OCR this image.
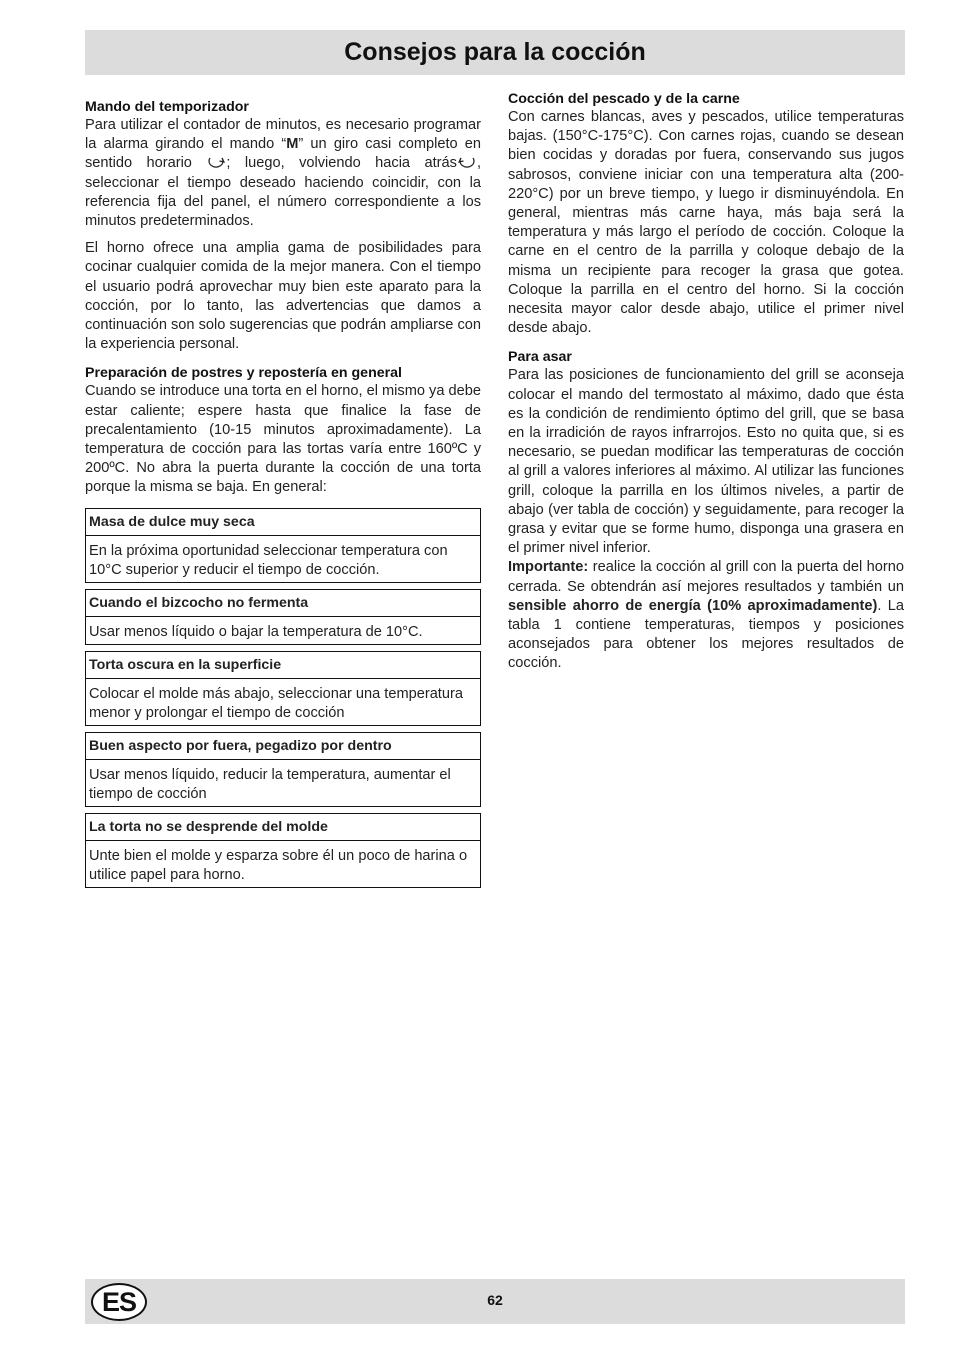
Consejos para la cocción
Mando del temporizador

Para utilizar el contador de minutos, es necesario programar la alarma girando el mando “M” un giro casi completo en sentido horario ; luego, volviendo hacia atrás , seleccionar el tiempo deseado haciendo coincidir, con la referencia fija del panel, el número correspondiente a los minutos predeterminados.

El horno ofrece una amplia gama de posibilidades para cocinar cualquier comida de la mejor manera. Con el tiempo el usuario podrá aprovechar muy bien este aparato para la cocción, por lo tanto, las advertencias que damos a continuación son solo sugerencias que podrán ampliarse con la experiencia personal.

Preparación de postres y repostería en general

Cuando se introduce una torta en el horno, el mismo ya debe estar caliente; espere hasta que finalice la fase de precalentamiento (10-15 minutos aproximadamente). La temperatura de cocción para las tortas varía entre 160ºC y 200ºC. No abra la puerta durante la cocción de una torta porque la misma se baja. En general:

Masa de dulce muy seca
En la próxima oportunidad seleccionar temperatura con 10°C superior y reducir el tiempo de cocción.
Cuando el bizcocho no fermenta
Usar menos líquido o bajar la temperatura de 10°C.
Torta oscura en la superficie
Colocar el molde más abajo, seleccionar una temperatura menor y prolongar el tiempo de cocción
Buen aspecto por fuera, pegadizo por dentro
Usar menos líquido, reducir la temperatura, aumentar el tiempo de cocción
La torta no se desprende del molde
Unte bien el molde y esparza sobre él un poco de harina o utilice papel para horno.
Cocción del pescado y de la carne

Con carnes blancas, aves y pescados, utilice temperaturas bajas. (150°C-175°C). Con carnes rojas, cuando se desean bien cocidas y doradas por fuera, conservando sus jugos sabrosos, conviene iniciar con una temperatura alta (200-220°C) por un breve tiempo, y luego ir disminuyéndola. En general, mientras más carne haya, más baja será la temperatura y más largo el período de cocción. Coloque la carne en el centro de la parrilla y coloque debajo de la misma un recipiente para recoger la grasa que gotea. Coloque la parrilla en el centro del horno. Si la cocción necesita mayor calor desde abajo, utilice el primer nivel desde abajo.

Para asar

Para las posiciones de funcionamiento del grill se aconseja colocar el mando del termostato al máximo, dado que ésta es la condición de rendimiento óptimo del grill, que se basa en la irradición de rayos infrarrojos. Esto no quita que, si es necesario, se puedan modificar las temperaturas de cocción al grill a valores inferiores al máximo. Al utilizar las funciones grill, coloque la parrilla en los últimos niveles, a partir de abajo (ver tabla de cocción) y seguidamente, para recoger la grasa y evitar que se forme humo, disponga una grasera en el primer nivel inferior.

Importante: realice la cocción al grill con la puerta del horno cerrada. Se obtendrán así mejores resultados y también un sensible ahorro de energía (10% aproximadamente). La tabla 1 contiene temperaturas, tiempos y posiciones aconsejados para obtener los mejores resultados de cocción.

ES	62
